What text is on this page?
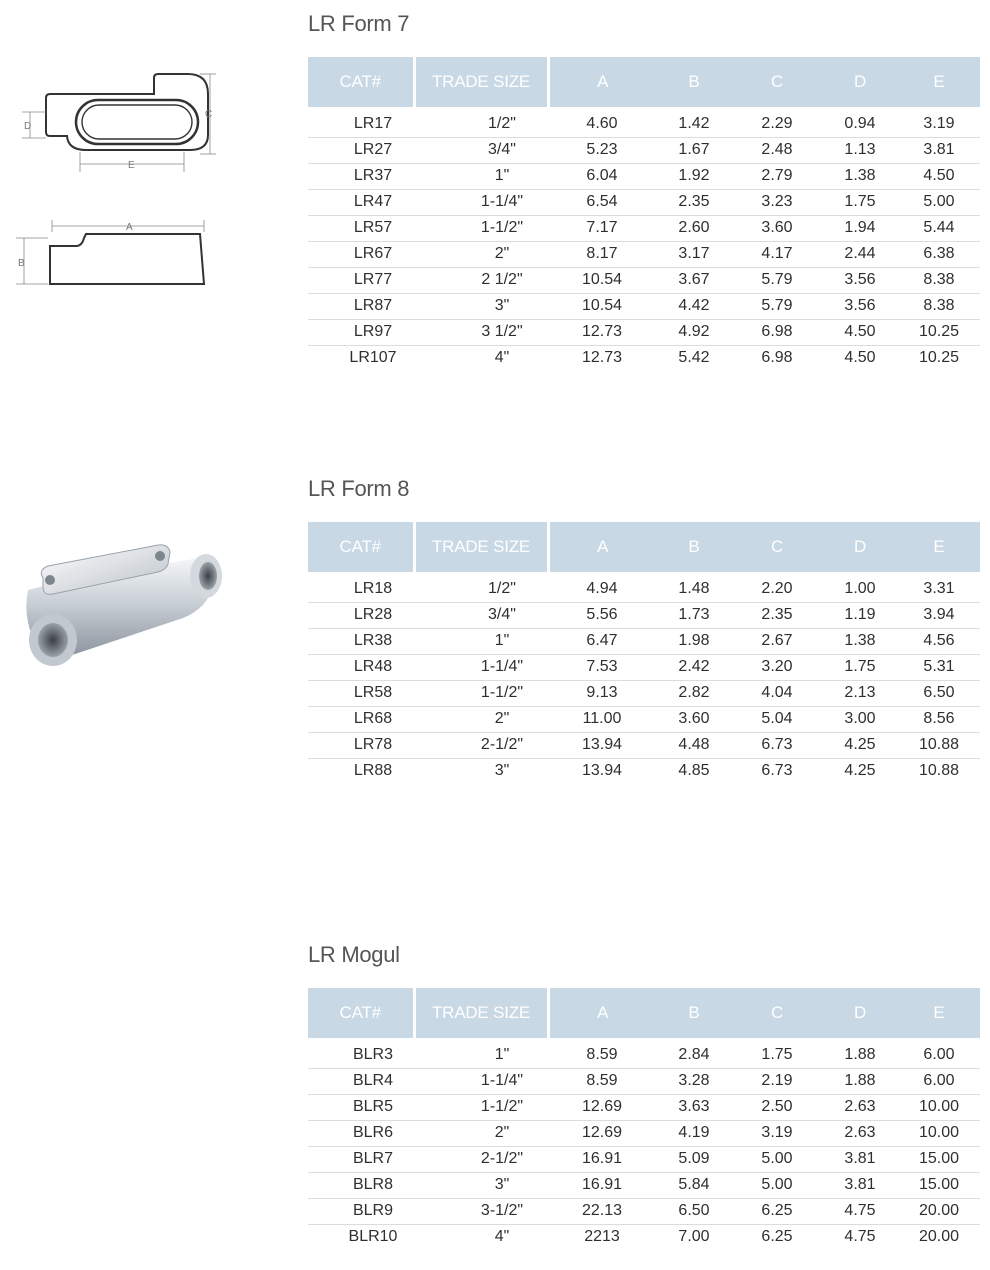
D
C
E
A
B
LR Form 7
CAT#	TRADE SIZE	A	B	C	D	E
LR17	1/2"	4.60	1.42	2.29	0.94	3.19
LR27	3/4"	5.23	1.67	2.48	1.13	3.81
LR37	1"	6.04	1.92	2.79	1.38	4.50
LR47	1-1/4"	6.54	2.35	3.23	1.75	5.00
LR57	1-1/2"	7.17	2.60	3.60	1.94	5.44
LR67	2"	8.17	3.17	4.17	2.44	6.38
LR77	2 1/2"	10.54	3.67	5.79	3.56	8.38
LR87	3"	10.54	4.42	5.79	3.56	8.38
LR97	3 1/2"	12.73	4.92	6.98	4.50	10.25
LR107	4"	12.73	5.42	6.98	4.50	10.25
LR Form 8
CAT#	TRADE SIZE	A	B	C	D	E
LR18	1/2"	4.94	1.48	2.20	1.00	3.31
LR28	3/4"	5.56	1.73	2.35	1.19	3.94
LR38	1"	6.47	1.98	2.67	1.38	4.56
LR48	1-1/4"	7.53	2.42	3.20	1.75	5.31
LR58	1-1/2"	9.13	2.82	4.04	2.13	6.50
LR68	2"	11.00	3.60	5.04	3.00	8.56
LR78	2-1/2"	13.94	4.48	6.73	4.25	10.88
LR88	3"	13.94	4.85	6.73	4.25	10.88
LR Mogul
CAT#	TRADE SIZE	A	B	C	D	E
BLR3	1"	8.59	2.84	1.75	1.88	6.00
BLR4	1-1/4"	8.59	3.28	2.19	1.88	6.00
BLR5	1-1/2"	12.69	3.63	2.50	2.63	10.00
BLR6	2"	12.69	4.19	3.19	2.63	10.00
BLR7	2-1/2"	16.91	5.09	5.00	3.81	15.00
BLR8	3"	16.91	5.84	5.00	3.81	15.00
BLR9	3-1/2"	22.13	6.50	6.25	4.75	20.00
BLR10	4"	2213	7.00	6.25	4.75	20.00
